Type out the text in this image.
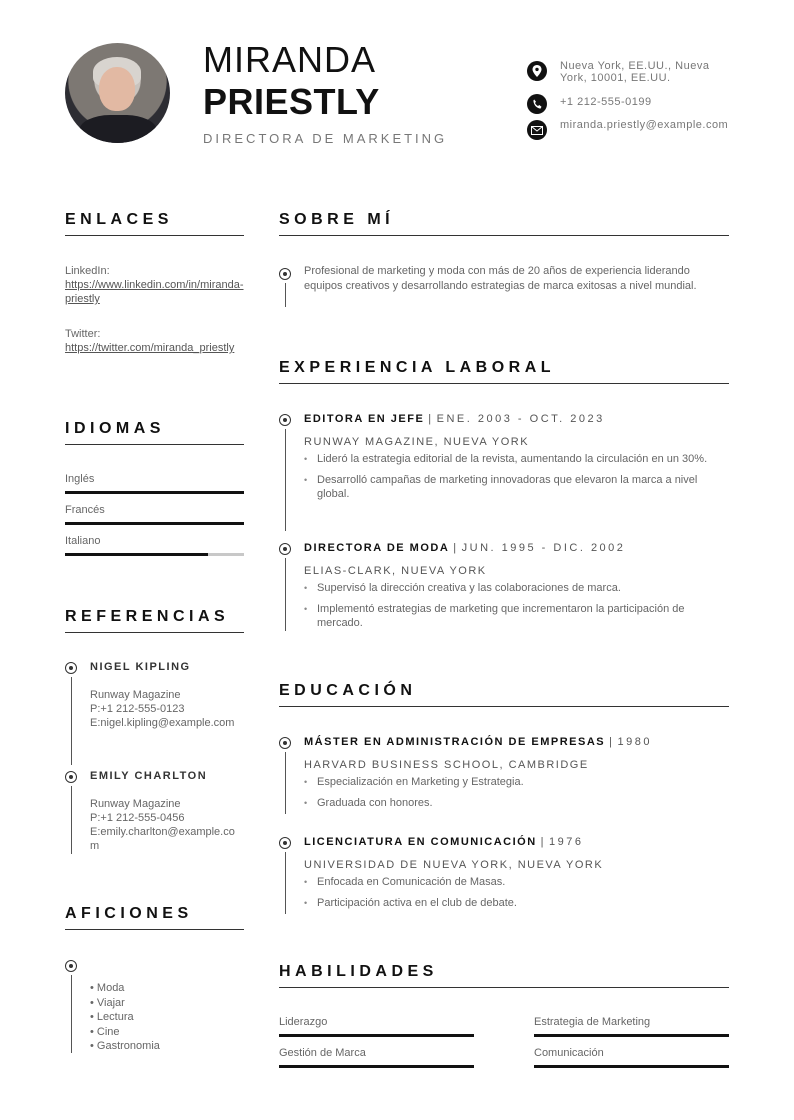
MIRANDA
PRIESTLY
DIRECTORA DE MARKETING
Nueva York, EE.UU., Nueva York, 10001, EE.UU.
+1 212-555-0199
miranda.priestly@example.com
ENLACES
LinkedIn:
https://www.linkedin.com/in/miranda-priestly
Twitter:
https://twitter.com/miranda_priestly
IDIOMAS
Inglés
Francés
Italiano
REFERENCIAS
NIGEL KIPLING
Runway Magazine
P:+1 212-555-0123
E:nigel.kipling@example.com
EMILY CHARLTON
Runway Magazine
P:+1 212-555-0456
E:emily.charlton@example.com
AFICIONES
• Moda
• Viajar
• Lectura
• Cine
• Gastronomia
SOBRE MÍ
Profesional de marketing y moda con más de 20 años de experiencia liderando equipos creativos y desarrollando estrategias de marca exitosas a nivel mundial.
EXPERIENCIA LABORAL
EDITORA EN JEFE | ENE. 2003 - OCT. 2023
RUNWAY MAGAZINE, NUEVA YORK
• Lideró la estrategia editorial de la revista, aumentando la circulación en un 30%.
• Desarrolló campañas de marketing innovadoras que elevaron la marca a nivel global.
DIRECTORA DE MODA | JUN. 1995 - DIC. 2002
ELIAS-CLARK, NUEVA YORK
• Supervisó la dirección creativa y las colaboraciones de marca.
• Implementó estrategias de marketing que incrementaron la participación de mercado.
EDUCACIÓN
MÁSTER EN ADMINISTRACIÓN DE EMPRESAS | 1980
HARVARD BUSINESS SCHOOL, CAMBRIDGE
• Especialización en Marketing y Estrategia.
• Graduada con honores.
LICENCIATURA EN COMUNICACIÓN | 1976
UNIVERSIDAD DE NUEVA YORK, NUEVA YORK
• Enfocada en Comunicación de Masas.
• Participación activa en el club de debate.
HABILIDADES
Liderazgo	Estrategia de Marketing
Gestión de Marca	Comunicación
